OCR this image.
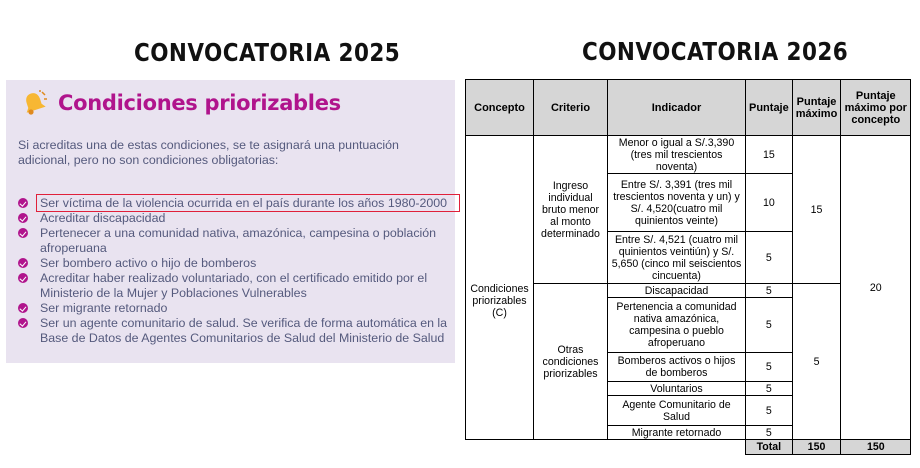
CONVOCATORIA 2025	CONVOCATORIA 2026
Condiciones priorizables
Si acreditas una de estas condiciones, se te asignará una puntuación adicional, pero no son condiciones obligatorias:
Ser víctima de la violencia ocurrida en el país durante los años 1980-2000
Acreditar discapacidad
Pertenecer a una comunidad nativa, amazónica, campesina o población afroperuana
Ser bombero activo o hijo de bomberos
Acreditar haber realizado voluntariado, con el certificado emitido por el Ministerio de la Mujer y Poblaciones Vulnerables
Ser migrante retornado
Ser un agente comunitario de salud. Se verifica de forma automática en la Base de Datos de Agentes Comunitarios de Salud del Ministerio de Salud
Concepto	Criterio	Indicador	Puntaje	Puntaje máximo	Puntaje máximo por concepto
Condiciones priorizables (C)	Ingreso individual bruto menor al monto determinado	Menor o igual a S/.3,390 (tres mil trescientos noventa)	15	15	20
		Entre S/. 3,391 (tres mil trescientos noventa y un) y S/. 4,520(cuatro mil quinientos veinte)	10		
		Entre S/. 4,521 (cuatro mil quinientos veintiún) y S/. 5,650 (cinco mil seiscientos cincuenta)	5		
	Otras condiciones priorizables	Discapacidad	5	5	
		Pertenencia a comunidad nativa amazónica, campesina o pueblo afroperuano	5		
		Bomberos activos o hijos de bomberos	5		
		Voluntarios	5		
		Agente Comunitario de Salud	5		
		Migrante retornado	5		
			Total	150	150
